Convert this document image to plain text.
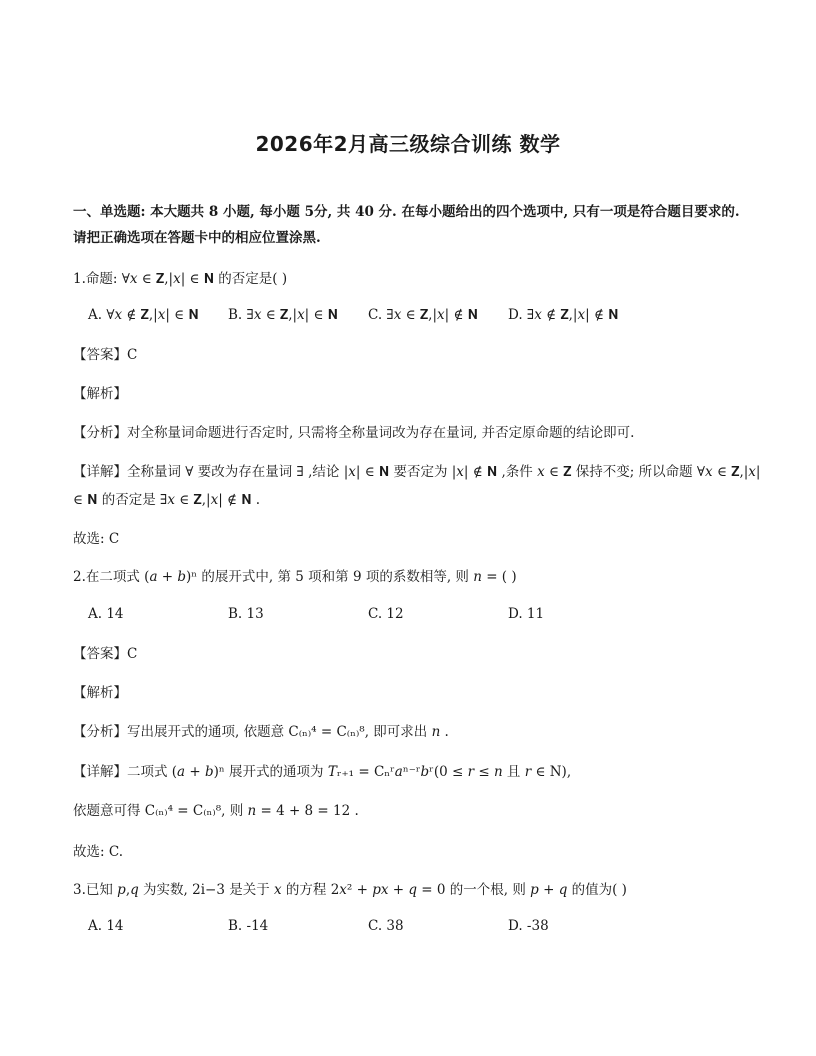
2026年2月高三级综合训练 数学
一、单选题: 本大题共 8 小题, 每小题 5分, 共 40 分. 在每小题给出的四个选项中, 只有一项是符合题目要求的.
请把正确选项在答题卡中的相应位置涂黑.
1.命题: ∀𝑥 ∈ 𝐙,|𝑥| ∈ 𝐍 的否定是( )
A. ∀𝑥 ∉ 𝐙,|𝑥| ∈ 𝐍 B. ∃𝑥 ∈ 𝐙,|𝑥| ∈ 𝐍 C. ∃𝑥 ∈ 𝐙,|𝑥| ∉ 𝐍 D. ∃𝑥 ∉ 𝐙,|𝑥| ∉ 𝐍
【答案】C
【解析】
【分析】对全称量词命题进行否定时, 只需将全称量词改为存在量词, 并否定原命题的结论即可.
【详解】全称量词 ∀ 要改为存在量词 ∃ ,结论 |𝑥| ∈ 𝐍 要否定为 |𝑥| ∉ 𝐍 ,条件 𝑥 ∈ 𝐙 保持不变; 所以命题 ∀𝑥 ∈ 𝐙,|𝑥|
∈ 𝐍 的否定是 ∃𝑥 ∈ 𝐙,|𝑥| ∉ 𝐍 .
故选: C
2.在二项式 (𝑎 + 𝑏)ⁿ 的展开式中, 第 5 项和第 9 项的系数相等, 则 𝑛 = ( )
A. 14	B. 13	C. 12	D. 11
【答案】C
【解析】
【分析】写出展开式的通项, 依题意 C₍ₙ₎⁴ = C₍ₙ₎⁸, 即可求出 𝑛 .
【详解】二项式 (𝑎 + 𝑏)ⁿ 展开式的通项为 𝑇ᵣ₊₁ = Cₙʳ𝑎ⁿ⁻ʳ𝑏ʳ(0 ≤ 𝑟 ≤ 𝑛 且 𝑟 ∈ N),
依题意可得 C₍ₙ₎⁴ = C₍ₙ₎⁸, 则 𝑛 = 4 + 8 = 12 .
故选: C.
3.已知 𝑝,𝑞 为实数, 2i−3 是关于 𝑥 的方程 2𝑥² + 𝑝𝑥 + 𝑞 = 0 的一个根, 则 𝑝 + 𝑞 的值为( )
A. 14	B. -14	C. 38	D. -38
